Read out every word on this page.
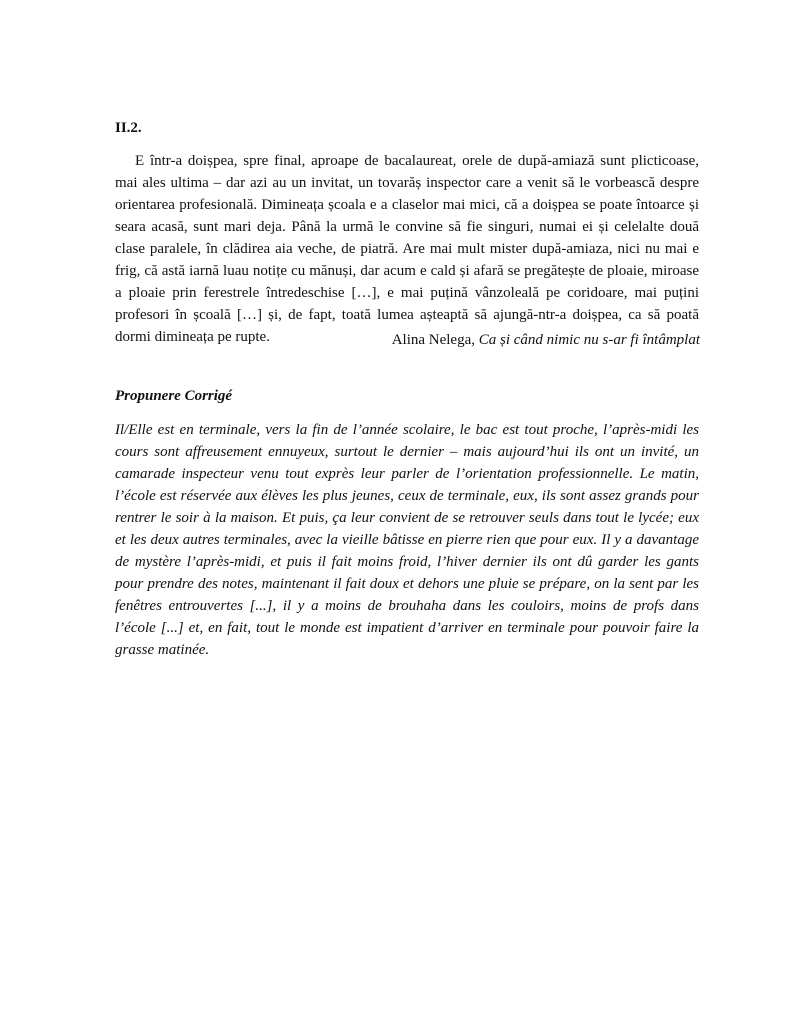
II.2.

E într-a doișpea, spre final, aproape de bacalaureat, orele de după-amiază sunt plicticoase, mai ales ultima – dar azi au un invitat, un tovarăș inspector care a venit să le vorbească despre orientarea profesională. Dimineața școala e a claselor mai mici, că a doișpea se poate întoarce și seara acasă, sunt mari deja. Până la urmă le convine să fie singuri, numai ei și celelalte două clase paralele, în clădirea aia veche, de piatră. Are mai mult mister după-amiaza, nici nu mai e frig, că astă iarnă luau notițe cu mănuși, dar acum e cald și afară se pregătește de ploaie, miroase a ploaie prin ferestrele întredeschise […], e mai puțină vânzoleală pe coridoare, mai puțini profesori în școală […] și, de fapt, toată lumea așteaptă să ajungă-ntr-a doișpea, ca să poată dormi dimineața pe rupte.	Alina Nelega, Ca și când nimic nu s-ar fi întâmplat
Propunere Corrigé

Il/Elle est en terminale, vers la fin de l’année scolaire, le bac est tout proche, l’après-midi les cours sont affreusement ennuyeux, surtout le dernier – mais aujourd’hui ils ont un invité, un camarade inspecteur venu tout exprès leur parler de l’orientation professionnelle. Le matin, l’école est réservée aux élèves les plus jeunes, ceux de terminale, eux, ils sont assez grands pour rentrer le soir à la maison. Et puis, ça leur convient de se retrouver seuls dans tout le lycée; eux et les deux autres terminales, avec la vieille bâtisse en pierre rien que pour eux. Il y a davantage de mystère l’après-midi, et puis il fait moins froid, l’hiver dernier ils ont dû garder les gants pour prendre des notes, maintenant il fait doux et dehors une pluie se prépare, on la sent par les fenêtres entrouvertes [...], il y a moins de brouhaha dans les couloirs, moins de profs dans l’école [...] et, en fait, tout le monde est impatient d’arriver en terminale pour pouvoir faire la grasse matinée.
